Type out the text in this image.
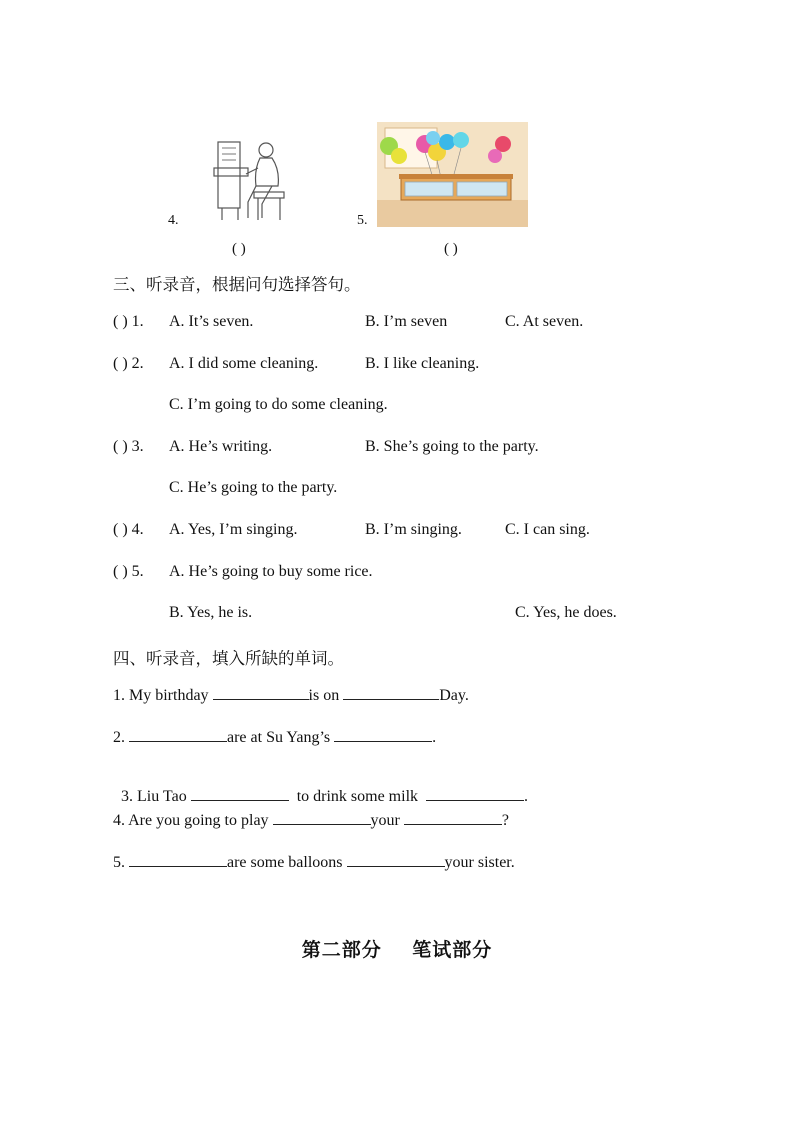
4.
( )
5.
( )
三、听录音，根据问句选择答句。
( ) 1. A. It’s seven.	B. I’m seven	C. At seven.
( ) 2. A. I did some cleaning.	B. I like cleaning.
C. I’m going to do some cleaning.
( ) 3. A. He’s writing.	B. She’s going to the party.
C. He’s going to the party.
( ) 4. A. Yes, I’m singing.	B. I’m singing.	C. I can sing.
( ) 5. A. He’s going to buy some rice.
B. Yes, he is.	C. Yes, he does.
四、听录音，填入所缺的单词。
1. My birthday	is on	Day.
2.	are at Su Yang’s	.

3. Liu Tao	to drink some milk	.

4. Are you going to play	your	?
5.	are some balloons	your sister.
第二部分    笔试部分
